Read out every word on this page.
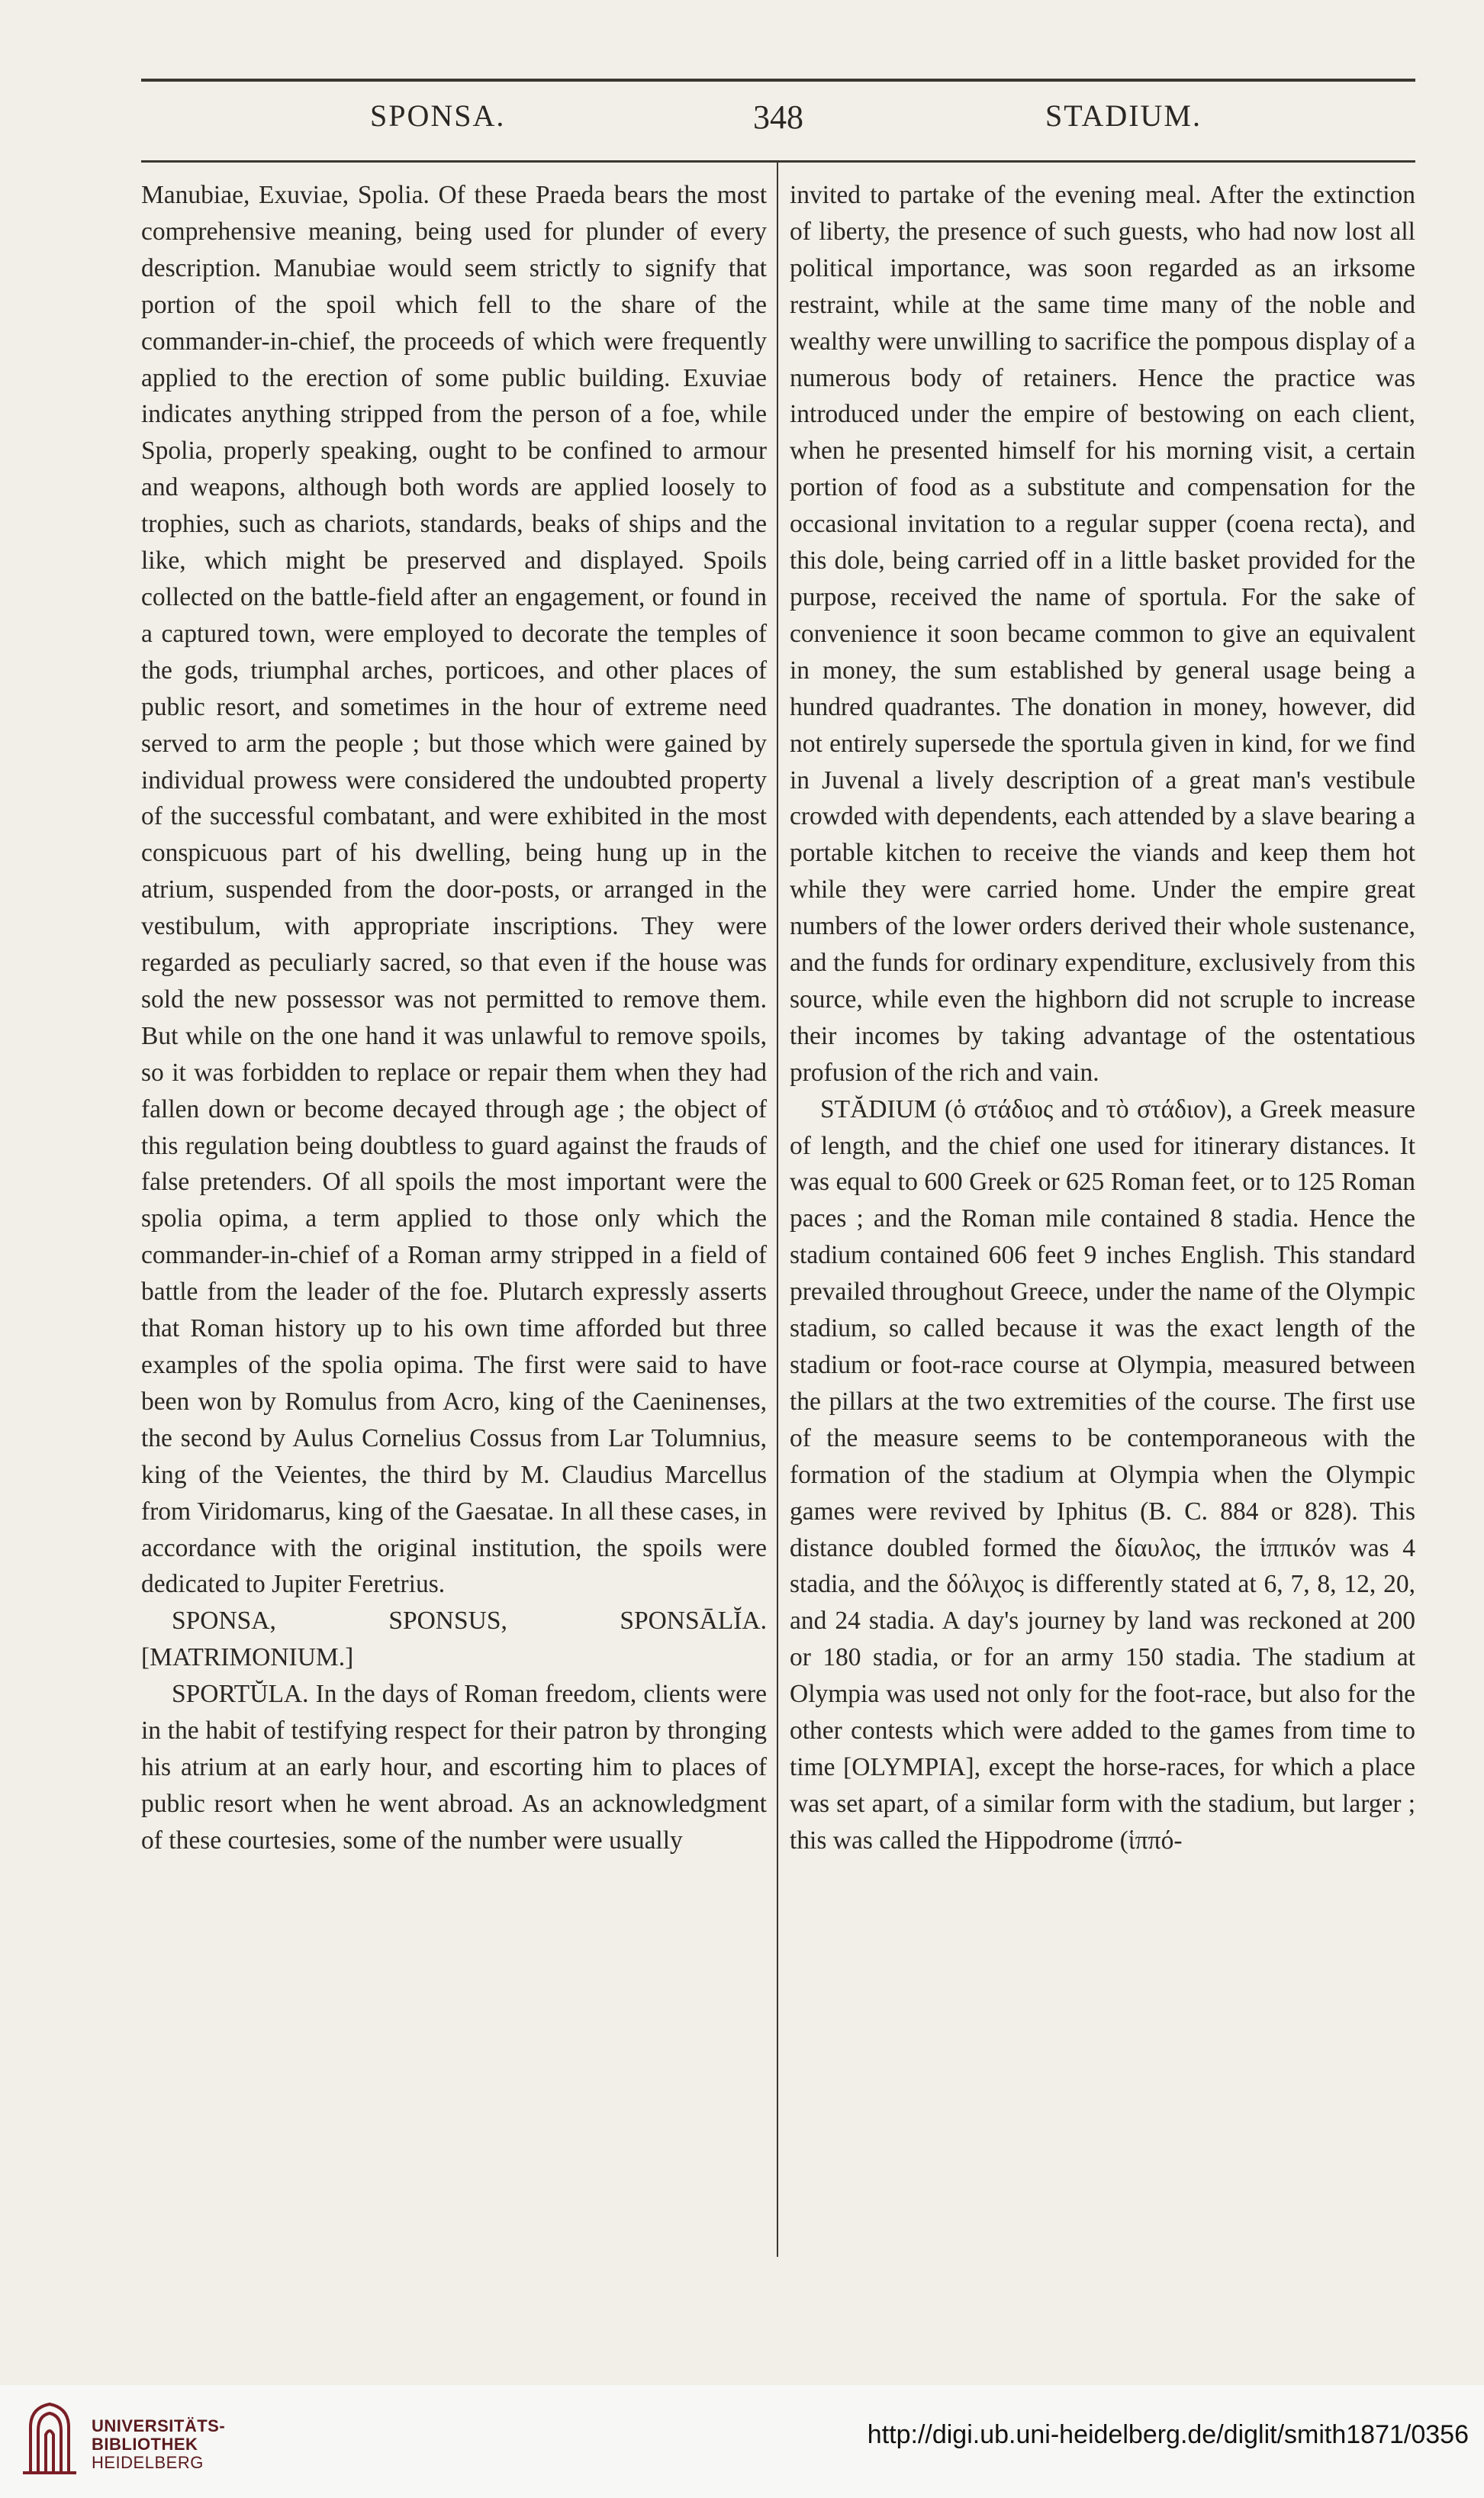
SPONSA.	348	STADIUM.

Manubiae, Exuviae, Spolia. Of these Praeda bears the most comprehensive meaning, being used for plunder of every description. Manubiae would seem strictly to signify that portion of the spoil which fell to the share of the commander-in-chief, the proceeds of which were frequently applied to the erection of some public building. Exuviae indicates anything stripped from the person of a foe, while Spolia, properly speaking, ought to be confined to armour and weapons, although both words are applied loosely to trophies, such as chariots, standards, beaks of ships and the like, which might be preserved and displayed. Spoils collected on the battle-field after an engagement, or found in a captured town, were employed to decorate the temples of the gods, triumphal arches, porticoes, and other places of public resort, and sometimes in the hour of extreme need served to arm the people ; but those which were gained by individual prowess were considered the undoubted property of the successful combatant, and were exhibited in the most conspicuous part of his dwelling, being hung up in the atrium, suspended from the door-posts, or arranged in the vestibulum, with appropriate inscriptions. They were regarded as peculiarly sacred, so that even if the house was sold the new possessor was not permitted to remove them. But while on the one hand it was unlawful to remove spoils, so it was forbidden to replace or repair them when they had fallen down or become decayed through age ; the object of this regulation being doubtless to guard against the frauds of false pretenders. Of all spoils the most important were the spolia opima, a term applied to those only which the commander-in-chief of a Roman army stripped in a field of battle from the leader of the foe. Plutarch expressly asserts that Roman history up to his own time afforded but three examples of the spolia opima. The first were said to have been won by Romulus from Acro, king of the Caeninenses, the second by Aulus Cornelius Cossus from Lar Tolumnius, king of the Veientes, the third by M. Claudius Marcellus from Viridomarus, king of the Gaesatae. In all these cases, in accordance with the original institution, the spoils were dedicated to Jupiter Feretrius.

SPONSA, SPONSUS, SPONSĀLĬA. [MATRIMONIUM.]

SPORTŬLA. In the days of Roman freedom, clients were in the habit of testifying respect for their patron by thronging his atrium at an early hour, and escorting him to places of public resort when he went abroad. As an acknowledgment of these courtesies, some of the number were usually

invited to partake of the evening meal. After the extinction of liberty, the presence of such guests, who had now lost all political importance, was soon regarded as an irksome restraint, while at the same time many of the noble and wealthy were unwilling to sacrifice the pompous display of a numerous body of retainers. Hence the practice was introduced under the empire of bestowing on each client, when he presented himself for his morning visit, a certain portion of food as a substitute and compensation for the occasional invitation to a regular supper (coena recta), and this dole, being carried off in a little basket provided for the purpose, received the name of sportula. For the sake of convenience it soon became common to give an equivalent in money, the sum established by general usage being a hundred quadrantes. The donation in money, however, did not entirely supersede the sportula given in kind, for we find in Juvenal a lively description of a great man's vestibule crowded with dependents, each attended by a slave bearing a portable kitchen to receive the viands and keep them hot while they were carried home. Under the empire great numbers of the lower orders derived their whole sustenance, and the funds for ordinary expenditure, exclusively from this source, while even the highborn did not scruple to increase their incomes by taking advantage of the ostentatious profusion of the rich and vain.

STĂDIUM (ὁ στάδιος and τὸ στάδιον), a Greek measure of length, and the chief one used for itinerary distances. It was equal to 600 Greek or 625 Roman feet, or to 125 Roman paces ; and the Roman mile contained 8 stadia. Hence the stadium contained 606 feet 9 inches English. This standard prevailed throughout Greece, under the name of the Olympic stadium, so called because it was the exact length of the stadium or foot-race course at Olympia, measured between the pillars at the two extremities of the course. The first use of the measure seems to be contemporaneous with the formation of the stadium at Olympia when the Olympic games were revived by Iphitus (B. C. 884 or 828). This distance doubled formed the δίαυλος, the ἱππικόν was 4 stadia, and the δόλιχος is differently stated at 6, 7, 8, 12, 20, and 24 stadia. A day's journey by land was reckoned at 200 or 180 stadia, or for an army 150 stadia. The stadium at Olympia was used not only for the foot-race, but also for the other contests which were added to the games from time to time [OLYMPIA], except the horse-races, for which a place was set apart, of a similar form with the stadium, but larger ; this was called the Hippodrome (ἱππό-

UNIVERSITÄTS-
BIBLIOTHEK
HEIDELBERG
http://digi.ub.uni-heidelberg.de/diglit/smith1871/0356
